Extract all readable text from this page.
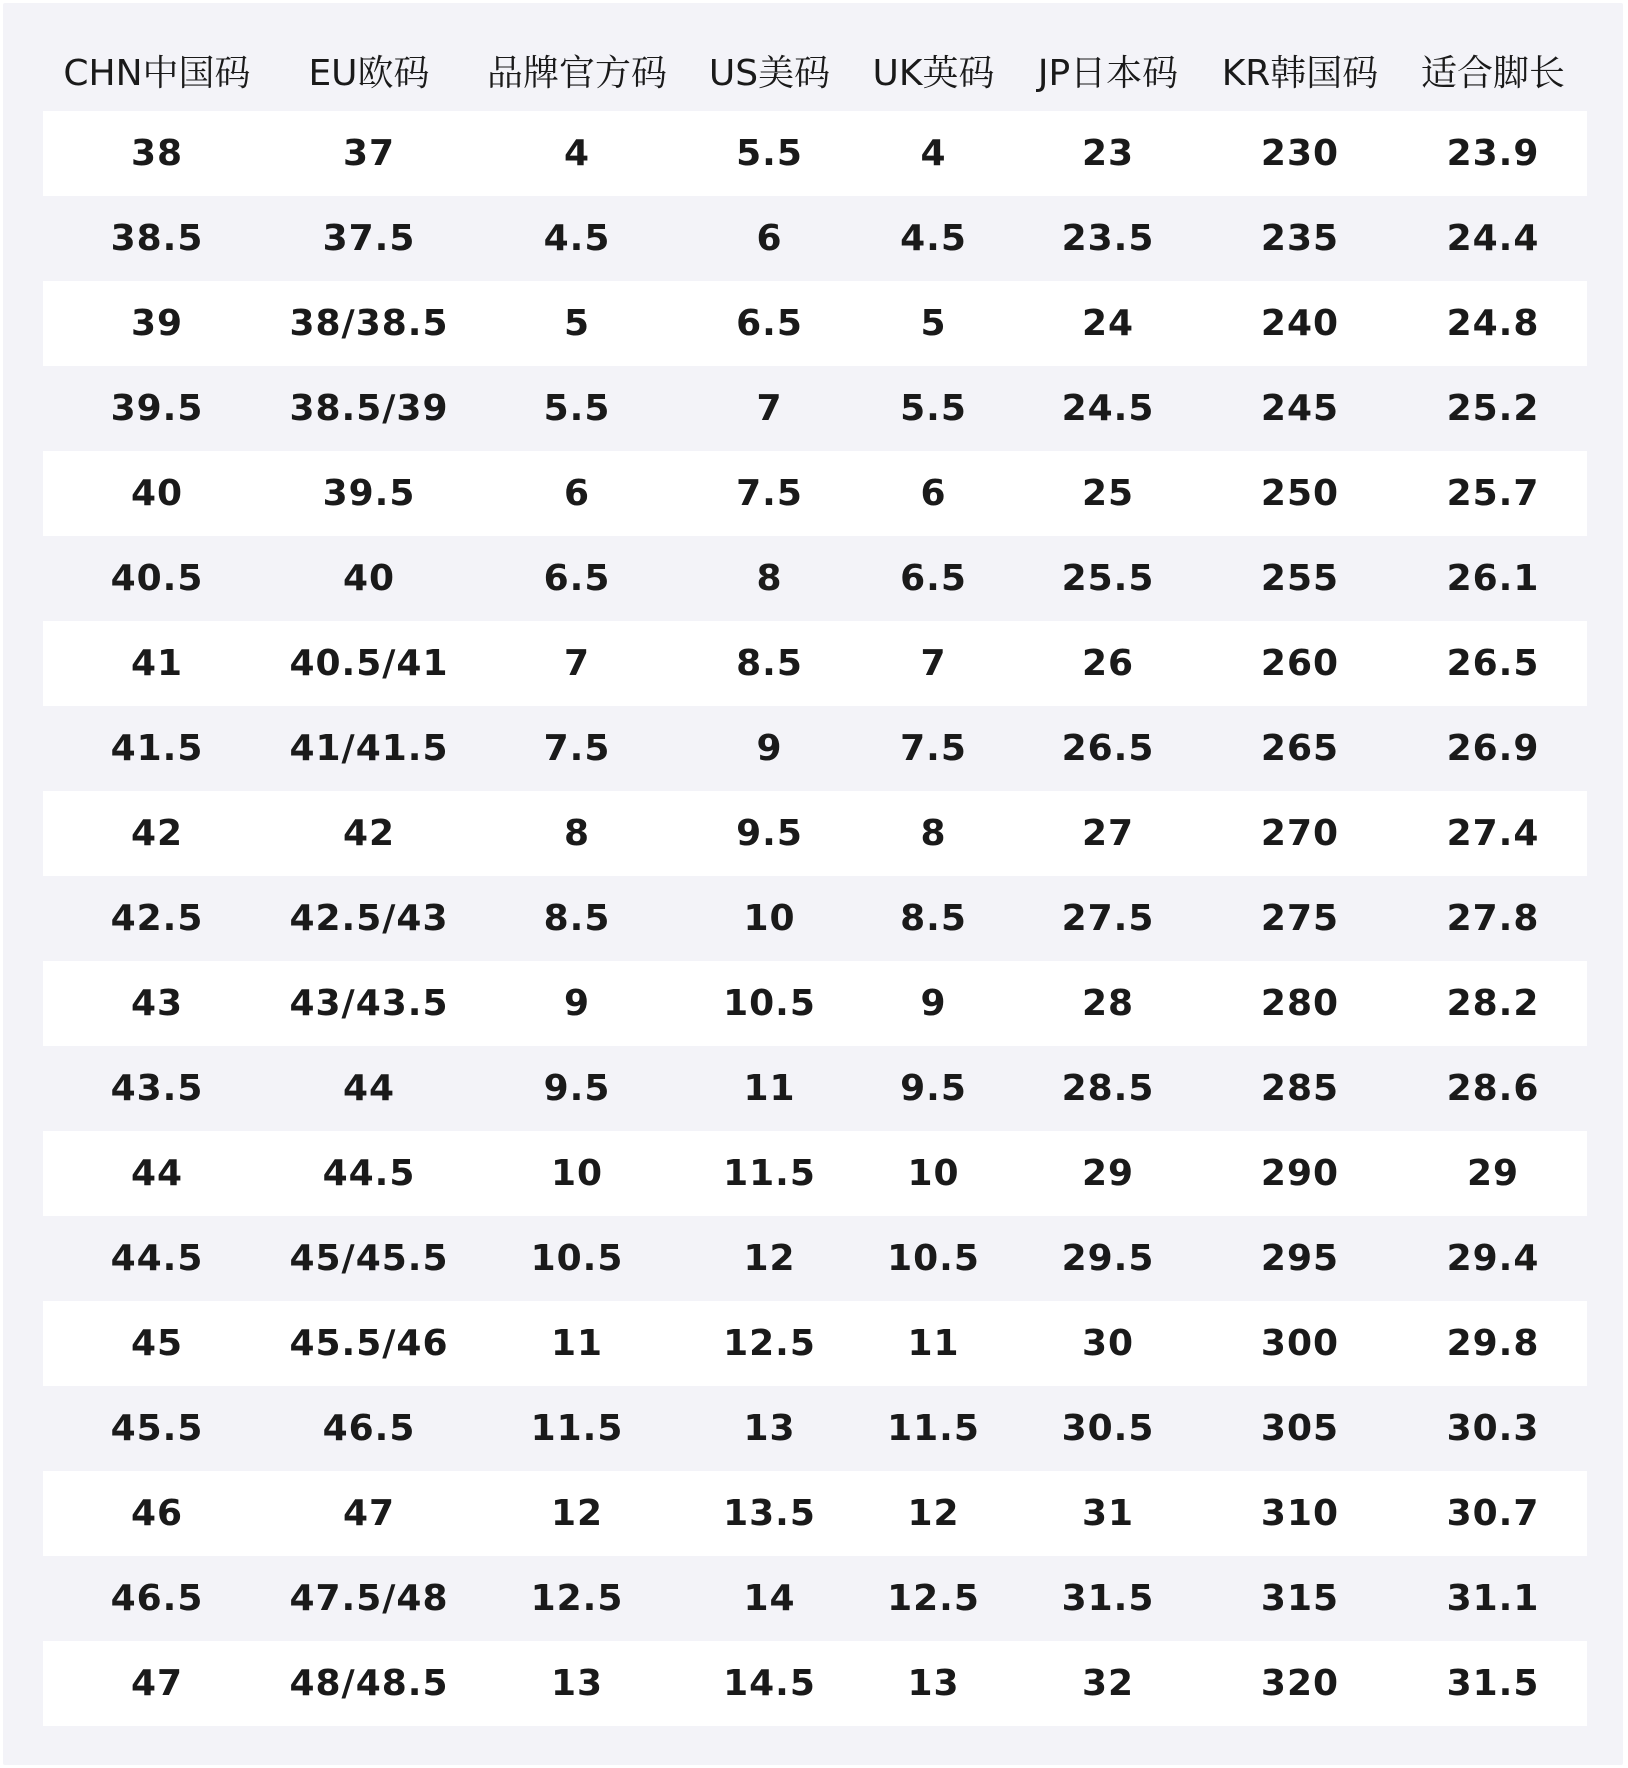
CHN中国码	EU欧码	品牌官方码	US美码	UK英码	JP日本码	KR韩国码	适合脚长
38	37	4	5.5	4	23	230	23.9
38.5	37.5	4.5	6	4.5	23.5	235	24.4
39	38/38.5	5	6.5	5	24	240	24.8
39.5	38.5/39	5.5	7	5.5	24.5	245	25.2
40	39.5	6	7.5	6	25	250	25.7
40.5	40	6.5	8	6.5	25.5	255	26.1
41	40.5/41	7	8.5	7	26	260	26.5
41.5	41/41.5	7.5	9	7.5	26.5	265	26.9
42	42	8	9.5	8	27	270	27.4
42.5	42.5/43	8.5	10	8.5	27.5	275	27.8
43	43/43.5	9	10.5	9	28	280	28.2
43.5	44	9.5	11	9.5	28.5	285	28.6
44	44.5	10	11.5	10	29	290	29
44.5	45/45.5	10.5	12	10.5	29.5	295	29.4
45	45.5/46	11	12.5	11	30	300	29.8
45.5	46.5	11.5	13	11.5	30.5	305	30.3
46	47	12	13.5	12	31	310	30.7
46.5	47.5/48	12.5	14	12.5	31.5	315	31.1
47	48/48.5	13	14.5	13	32	320	31.5
